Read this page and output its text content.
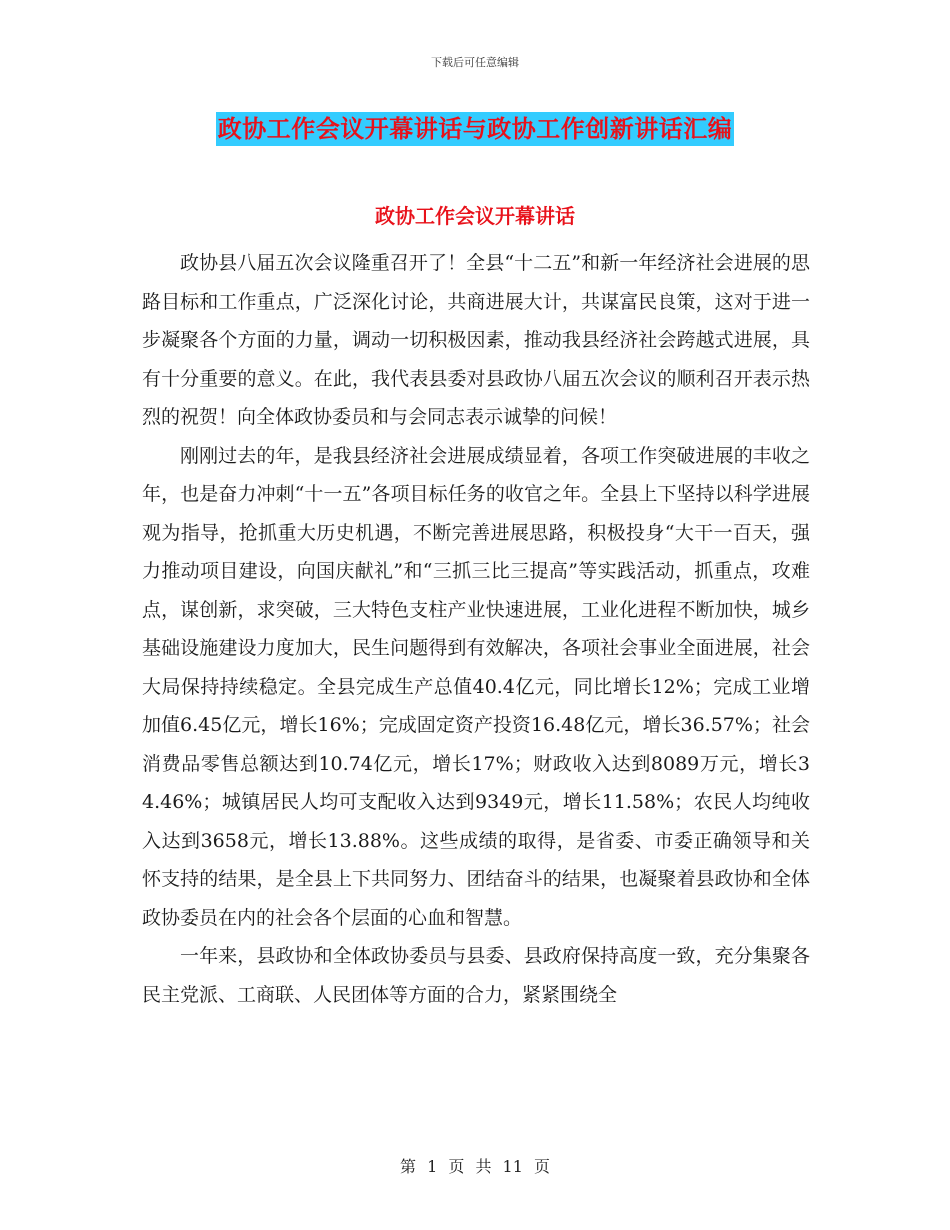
下载后可任意编辑
政协工作会议开幕讲话与政协工作创新讲话汇编
政协工作会议开幕讲话

政协县八届五次会议隆重召开了！全县“十二五”和新一年经济社会进展的思路目标和工作重点，广泛深化讨论，共商进展大计，共谋富民良策，这对于进一步凝聚各个方面的力量，调动一切积极因素，推动我县经济社会跨越式进展，具有十分重要的意义。在此，我代表县委对县政协八届五次会议的顺利召开表示热烈的祝贺！向全体政协委员和与会同志表示诚挚的问候！

刚刚过去的年，是我县经济社会进展成绩显着，各项工作突破进展的丰收之年，也是奋力冲刺“十一五”各项目标任务的收官之年。全县上下坚持以科学进展观为指导，抢抓重大历史机遇，不断完善进展思路，积极投身“大干一百天，强力推动项目建设，向国庆献礼”和“三抓三比三提高”等实践活动，抓重点，攻难点，谋创新，求突破，三大特色支柱产业快速进展，工业化进程不断加快，城乡基础设施建设力度加大，民生问题得到有效解决，各项社会事业全面进展，社会大局保持持续稳定。全县完成生产总值40.4亿元，同比增长12%；完成工业增加值6.45亿元，增长16%；完成固定资产投资16.48亿元，增长36.57%；社会消费品零售总额达到10.74亿元，增长17%；财政收入达到8089万元，增长34.46%；城镇居民人均可支配收入达到9349元，增长11.58%；农民人均纯收入达到3658元，增长13.88%。这些成绩的取得，是省委、市委正确领导和关怀支持的结果，是全县上下共同努力、团结奋斗的结果，也凝聚着县政协和全体政协委员在内的社会各个层面的心血和智慧。

一年来，县政协和全体政协委员与县委、县政府保持高度一致，充分集聚各民主党派、工商联、人民团体等方面的合力，紧紧围绕全

第 1 页 共 11 页
